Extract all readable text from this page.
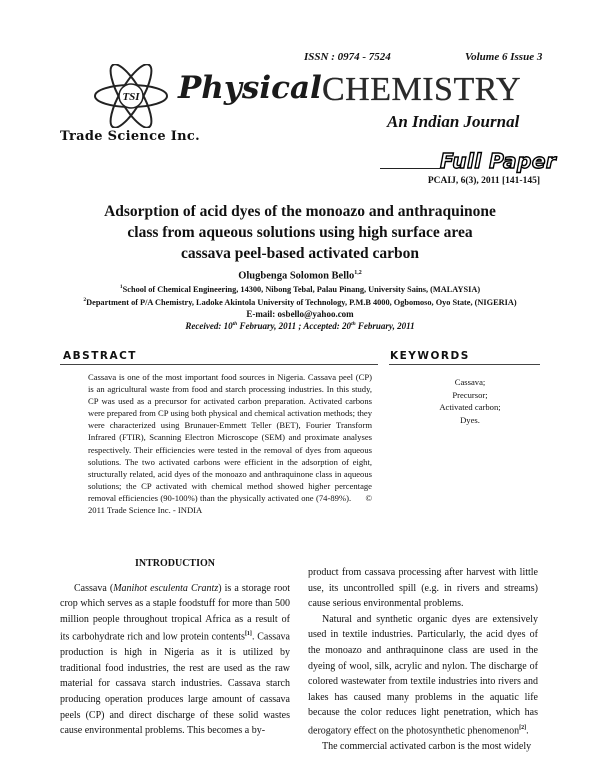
ISSN : 0974 - 7524	Volume 6 Issue 3
TSI Physical CHEMISTRY
An Indian Journal
Trade Science Inc.
Full Paper
PCAIJ, 6(3), 2011 [141-145]
Adsorption of acid dyes of the monoazo and anthraquinone
class from aqueous solutions using high surface area
cassava peel-based activated carbon
Olugbenga Solomon Bello$^{1,2}$
$^1$School of Chemical Engineering, 14300, Nibong Tebal, Palau Pinang, University Sains, (MALAYSIA)
$^2$Department of P/A Chemistry, Ladoke Akintola University of Technology, P.M.B 4000, Ogbomoso, Oyo State, (NIGERIA)
E-mail: osbello@yahoo.com
Received: 10th February, 2011 ; Accepted: 20th February, 2011
ABSTRACT
Cassava is one of the most important food sources in Nigeria. Cassava peel (CP) is an agricultural waste from food and starch processing industries. In this study, CP was used as a precursor for activated carbon preparation. Activated carbons were prepared from CP using both physical and chemical activation methods; they were characterized using Brunauer-Emmett Teller (BET), Fourier Transform Infrared (FTIR), Scanning Electron Microscope (SEM) and proximate analyses respectively. Their efficiencies were tested in the removal of dyes from aqueous solutions. The two activated carbons were efficient in the adsorption of eight, structurally related, acid dyes of the monoazo and anthraquinone class in aqueous solutions; the CP activated with chemical method showed higher percentage removal efficiencies (90-100%) than the physically activated one (74-89%). © 2011 Trade Science Inc. - INDIA
KEYWORDS
Cassava;
Precursor;
Activated carbon;
Dyes.
INTRODUCTION

Cassava (Manihot esculenta Crantz) is a storage root crop which serves as a staple foodstuff for more than 500 million people throughout tropical Africa as a result of its carbohydrate rich and low protein contents[1]. Cassava production is high in Nigeria as it is utilized by traditional food industries, the rest are used as the raw material for cassava starch industries. Cassava starch producing operation produces large amount of cassava peels (CP) and direct discharge of these solid wastes cause environmental problems. This becomes a by-

product from cassava processing after harvest with little use, its uncontrolled spill (e.g. in rivers and streams) cause serious environmental problems.

Natural and synthetic organic dyes are extensively used in textile industries. Particularly, the acid dyes of the monoazo and anthraquinone class are used in the dyeing of wool, silk, acrylic and nylon. The discharge of colored wastewater from textile industries into rivers and lakes has caused many problems in the aquatic life because the color reduces light penetration, which has derogatory effect on the photosynthetic phenomenon[2].

The commercial activated carbon is the most widely
